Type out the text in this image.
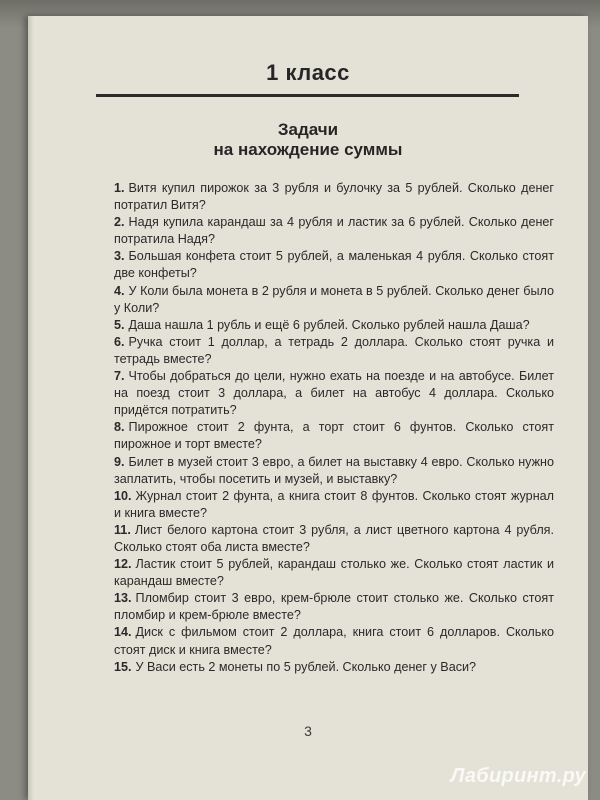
1 класс
Задачи
на нахождение суммы

1. Витя купил пирожок за 3 рубля и булочку за 5 рублей. Сколько денег потратил Витя?

2. Надя купила карандаш за 4 рубля и ластик за 6 рублей. Сколько денег потратила Надя?

3. Большая конфета стоит 5 рублей, а маленькая 4 рубля. Сколько стоят две конфеты?

4. У Коли была монета в 2 рубля и монета в 5 рублей. Сколько денег было у Коли?

5. Даша нашла 1 рубль и ещё 6 рублей. Сколько рублей нашла Даша?

6. Ручка стоит 1 доллар, а тетрадь 2 доллара. Сколько стоят ручка и тетрадь вместе?

7. Чтобы добраться до цели, нужно ехать на поезде и на автобусе. Билет на поезд стоит 3 доллара, а билет на автобус 4 доллара. Сколько придётся потратить?

8. Пирожное стоит 2 фунта, а торт стоит 6 фунтов. Сколько стоят пирожное и торт вместе?

9. Билет в музей стоит 3 евро, а билет на выставку 4 евро. Сколько нужно заплатить, чтобы посетить и музей, и выставку?

10. Журнал стоит 2 фунта, а книга стоит 8 фунтов. Сколько стоят журнал и книга вместе?

11. Лист белого картона стоит 3 рубля, а лист цветного картона 4 рубля. Сколько стоят оба листа вместе?

12. Ластик стоит 5 рублей, карандаш столько же. Сколько стоят ластик и карандаш вместе?

13. Пломбир стоит 3 евро, крем-брюле стоит столько же. Сколько стоят пломбир и крем-брюле вместе?

14. Диск с фильмом стоит 2 доллара, книга стоит 6 долларов. Сколько стоят диск и книга вместе?

15. У Васи есть 2 монеты по 5 рублей. Сколько денег у Васи?

3
Лабиринт.ру
